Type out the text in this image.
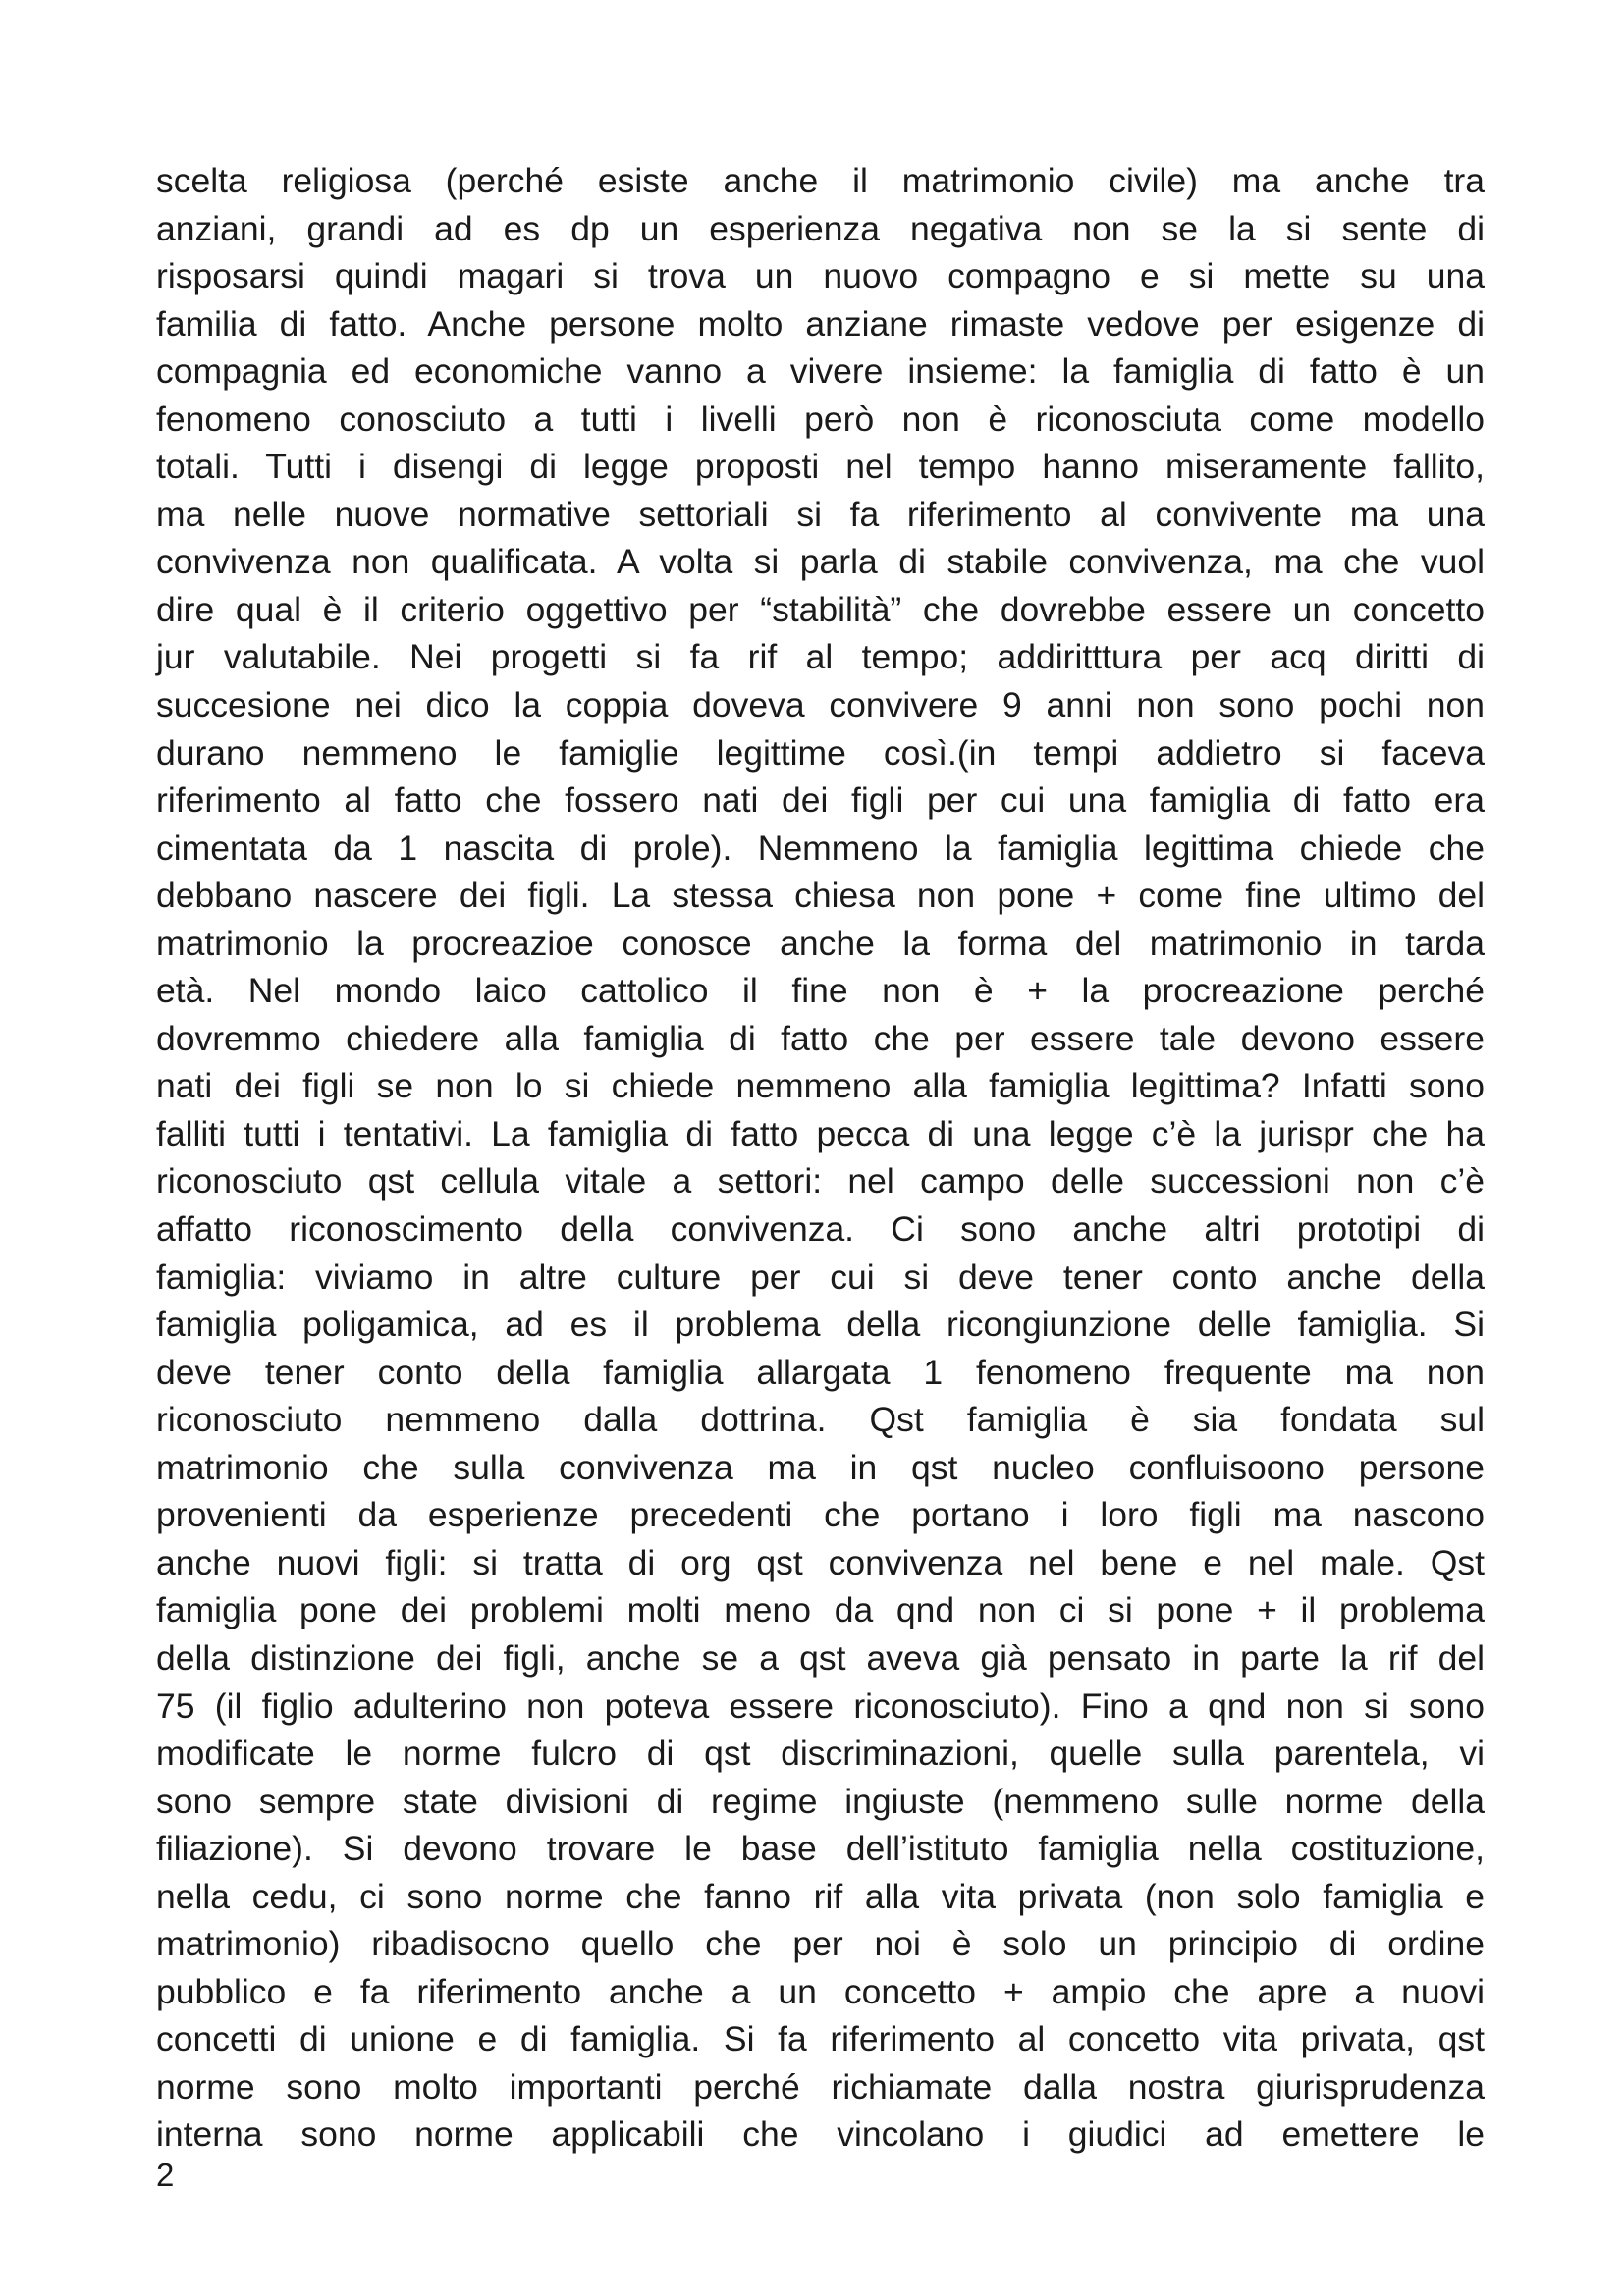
scelta religiosa (perché esiste anche il matrimonio civile) ma anche tra
anziani, grandi ad es dp un esperienza negativa non se la si sente di
risposarsi quindi magari si trova un nuovo compagno e si mette su una
familia di fatto. Anche persone molto anziane rimaste vedove per esigenze di
compagnia ed economiche vanno a vivere insieme: la famiglia di fatto è un
fenomeno conosciuto a tutti i livelli però non è riconosciuta come modello
totali. Tutti i disengi di legge proposti nel tempo hanno miseramente fallito,
ma nelle nuove normative settoriali si fa riferimento al convivente ma una
convivenza non qualificata. A volta si parla di stabile convivenza, ma che vuol
dire qual è il criterio oggettivo per “stabilità” che dovrebbe essere un concetto
jur valutabile. Nei progetti si fa rif al tempo; addiritttura per acq diritti di
succesione nei dico la coppia doveva convivere 9 anni non sono pochi non
durano nemmeno le famiglie legittime così.(in tempi addietro si faceva
riferimento al fatto che fossero nati dei figli per cui una famiglia di fatto era
cimentata da 1 nascita di prole). Nemmeno la famiglia legittima chiede che
debbano nascere dei figli. La stessa chiesa non pone + come fine ultimo del
matrimonio la procreazioe conosce anche la forma del matrimonio in tarda
età. Nel mondo laico cattolico il fine non è + la procreazione perché
dovremmo chiedere alla famiglia di fatto che per essere tale devono essere
nati dei figli se non lo si chiede nemmeno alla famiglia legittima? Infatti sono
falliti tutti i tentativi. La famiglia di fatto pecca di una legge c’è la jurispr che ha
riconosciuto qst cellula vitale a settori: nel campo delle successioni non c’è
affatto riconoscimento della convivenza. Ci sono anche altri prototipi di
famiglia: viviamo in altre culture per cui si deve tener conto anche della
famiglia poligamica, ad es il problema della ricongiunzione delle famiglia. Si
deve tener conto della famiglia allargata 1 fenomeno frequente ma non
riconosciuto nemmeno dalla dottrina. Qst famiglia è sia fondata sul
matrimonio che sulla convivenza ma in qst nucleo confluisoono persone
provenienti da esperienze precedenti che portano i loro figli ma nascono
anche nuovi figli: si tratta di org qst convivenza nel bene e nel male. Qst
famiglia pone dei problemi molti meno da qnd non ci si pone + il problema
della distinzione dei figli, anche se a qst aveva già pensato in parte la rif del
75 (il figlio adulterino non poteva essere riconosciuto). Fino a qnd non si sono
modificate le norme fulcro di qst discriminazioni, quelle sulla parentela, vi
sono sempre state divisioni di regime ingiuste (nemmeno sulle norme della
filiazione). Si devono trovare le base dell’istituto famiglia nella costituzione,
nella cedu, ci sono norme che fanno rif alla vita privata (non solo famiglia e
matrimonio) ribadisocno quello che per noi è solo un principio di ordine
pubblico e fa riferimento anche a un concetto + ampio che apre a nuovi
concetti di unione e di famiglia. Si fa riferimento al concetto vita privata, qst
norme sono molto importanti perché richiamate dalla nostra giurisprudenza
interna sono norme applicabili che vincolano i giudici ad emettere le
2
